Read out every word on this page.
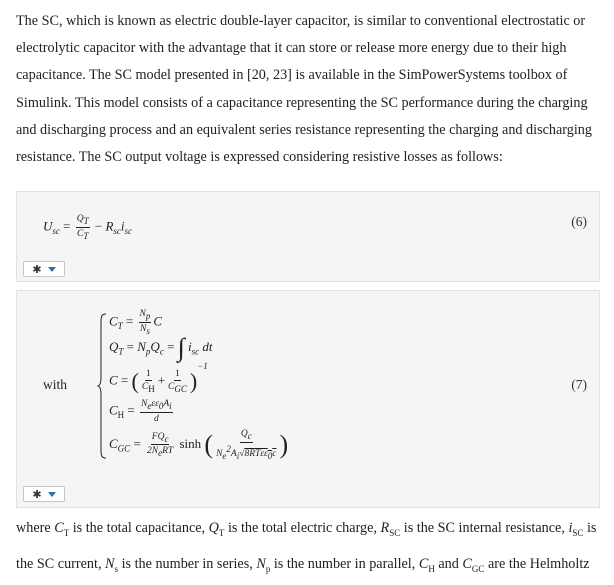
The SC, which is known as electric double-layer capacitor, is similar to conventional electrostatic or electrolytic capacitor with the advantage that it can store or release more energy due to their high capacitance. The SC model presented in [20, 23] is available in the SimPowerSystems toolbox of Simulink. This model consists of a capacitance representing the SC performance during the charging and discharging process and an equivalent series resistance representing the charging and discharging resistance. The SC output voltage is expressed considering resistive losses as follows:

$U_{sc} = \frac{Q_T}{C_T} - R_{sc}i_{sc}$
(6)
✱
with
$C_T = \frac{N_p}{N_s}$ C
$Q_T = N_pQ_c$ = ∫ $i_{sc}$ dt
C = ( $\frac{1}{C_H} + \frac{1}{C_{GC}} )^{-1}$
$C_H = \frac{N_e\varepsilon\varepsilon_0A_i}{d}$
$C_{GC} = \frac{FQ_c}{2N_eRT}$ sinh ( $\frac{Q_c}{N_e^2A_i√8RT\varepsilon\varepsilon_0c}$ )
(7)
✱

where $C_T$ is the total capacitance, $Q_T$ is the total electric charge, $R_{SC}$ is the SC internal resistance, $i_{SC}$ is the SC current, $N_s$ is the number in series, $N_p$ is the number in parallel, $C_H$ and $C_{GC}$ are the Helmholtz
